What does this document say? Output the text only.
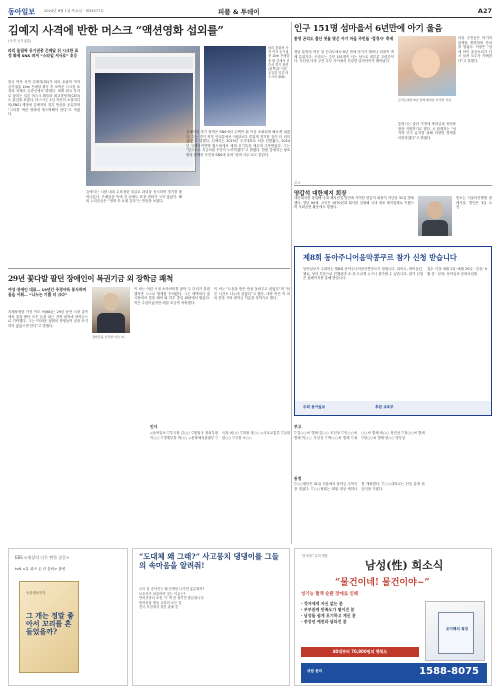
동아일보 2024년 8월 1일 목요일 · 제33577호	피플 & 투데이	A27
김예지 사격에 반한 머스크 “액션영화 섭외를”
(사격 공기권총)
파리 올림픽 공기권총 은메달 뒤 시크한 표정 화제 SNS 퍼져 “스타일 서사로” 호응
한국 여자 사격 김예지(32)가 파리 올림픽 여자 공기권총 10m 은메달 획득 후 보여준 시크한 표정과 자세가 온라인에서 화제다. 세계 최고 부자로 꼽히는 일론 머스크 테슬라 최고경영자(CEO)도 관심을 보였다. 머스크는 1일 자신의 소셜미디어(SNS) 계정에 김예지의 경기 영상을 공유하며 “그녀를 액션 영화에 캐스팅해야 한다”고 적었다.
파리 올림픽 사격 여자 공기권총 10m 은메달을 딴 김예지 선수의 경기 장면(왼쪽)과 이를 공유한 일론 머스크의 SNS.
김예지는 시합 내내 무표정한 얼굴로 과녁을 응시하며 경기를 풀어나갔다. 은메달을 목에 건 뒤에도 표정 변화가 크지 않았다. 해외 누리꾼들은 “영화 속 요원 같다”는 반응을 보였다.
김예지의 경기 장면은 SNS에서 수백만 회 이상 조회되며 빠르게 퍼졌다. 그는 경기 직후 인터뷰에서 “메달보다 즐겁게 경기한 것이 더 의미 있다”고 말했다. 김예지는 2019년 국가대표로 처음 선발됐고, 2024년 국제사격연맹 월드컵에서 세계 신기록을 세우며 주목받았다. 그는 “앞으로도 지금처럼 꾸준히 노력하겠다”고 밝혔다. 한편 김예지는 평소 딸과 함께한 사진을 SNS에 올려 ‘엄마 사수’로도 불린다.
29년 꽃다발 팔던 장애인이 복권기금 외 장학금 쾌척
여성·장애인 대표… 19년간 주경야독 봉사하며 꿈을 이뤄… “나누는 기쁨 더 크다”
지체장애를 가진 이모 씨(68)는 29년 동안 시장 골목에서 꽃을 팔아 모은 돈을 최근 지역 대학에 장학금으로 기탁했다. 그는 “어려운 형편의 학생들이 꿈을 포기하지 않았으면 한다”고 말했다.
장학금을 기탁한 이모 씨.
이 씨는 어린 시절 소아마비를 앓아 두 다리가 불편했지만 스스로 생계를 꾸려왔다. 그는 새벽마다 꽃시장에서 꽃을 떼어 와 하루 종일 좌판에서 팔았다. 적은 수입이었지만 매달 조금씩 저축했다.
이 씨는 “도움을 받은 만큼 돌려주고 싶었다”며 “남은 시간도 나누며 살겠다”고 했다. 대학 측은 이 씨의 뜻을 기려 장학금 이름을 정하기로 했다.
인구 151명 섬마을서 6년만에 아기 울음
통영 곤리도 출산 첫돌 맞은 아기 마을 주민들 ‘겹경사’ 축제
경남 통영의 작은 섬 곤리도에서 6년 만에 아기가 태어나 마을이 축제 분위기다. 곤리도는 주민 151명이 사는 섬으로 대부분 고령층이다. 지난달 마을 주민 부부 사이에서 건강한 남자아이가 태어났다.
곤리도에서 6년 만에 태어난 아기와 가족.
마을 주민들은 아기의 탄생을 축하하며 잔치를 열었다. 이장은 “섬에 아이 울음소리가 다시 들려 모두가 기뻐한다”고 말했다.
통영시는 출산 가정에 축하금과 육아용품을 지원하기로 했다. 시 관계자는 “섬 지역 인구 유지를 위해 다양한 정책을 마련하겠다”고 밝혔다.
부고
양갑석 대한제지 회장
대한제지를 창업해 국내 제지산업 발전에 기여한 양갑석 회장이 지난달 31일 별세했다. 향년 90세. 고인은 1970년대 회사를 설립해 국내 대표 제지업체로 키웠으며 사회공헌 활동에도 힘썼다.
빈소는 서울아산병원 장례식장. 발인은 3일 오전.
제8회 동아주니어음악콩쿠르 참가 신청 받습니다
동아일보가 주최하는 제8회 동아주니어음악콩쿠르가 열립니다. 피아노, 바이올린, 첼로, 성악 부문으로 진행되며 초·중·고교생 누구나 참가할 수 있습니다. 참가 신청은 홈페이지를 통해 받습니다.
접수 기간: 8월 1일~8월 20일 · 본선: 9월 중 · 문의: 동아일보 문화사업팀
주최 동아일보	후원 교육부
인사
◇동아일보 ▽부국장 김○○ ▽편집국 정치부장 이○○ ▽경제부장 박○○ ◇문화체육관광부 ▽국장 최○○ ▽과장 정○○ ◇국토교통부 ▽실장 한○○ ▽국장 오○○
부고
▽김○○씨 별세·김○○ 모친상 ▽이○○씨 별세·이○○ 부친상 ▽박○○씨 별세 ▽최○○씨 별세·최○○ 장인상 ▽정○○씨 별세 ▽한○○씨 별세·한○○ 빙부상
동정
▽○○재단은 31일 서울에서 장학금 수여식을 열었다. ▽○○협회는 회원 대상 세미나를 개최했다. ▽○○대학교는 신임 총장 취임식을 가졌다.
EBS <세상의 너무 뻔한 질문>
tvN <유 퀴즈 온 더 블럭> 출연
동물행동학자
그 개는 정말 좋아서 꼬리를 흔들었을까?
“도대체 왜 그래?” 사고뭉치 댕댕이를 그들의 속마음을 알려줘!

우리 집 강아지는 왜 산책만 나가면 흥분할까?

보호자가 외출하면 짖는 이유는?

반려견과의 소통, 이 책 한 권이면 충분합니다.

반려동물 행동 교정의 모든 것

전국 서점에서 절찬 판매 중

“남성형” 특허 제품
남성(性) 희소식
“물건이네! 물건이야~”
성기능 혈액 순환 장애로 인해

· 정자에게 자신 없는 분

· 부부관계 만족도가 떨어진 분

· 남성들 쉽게 포기하고 계신 분

· 중장년 예전과 달라진 분

40대부터 70,800원의 행복도
조이맥의 특징
상담 문의	1588-8075
